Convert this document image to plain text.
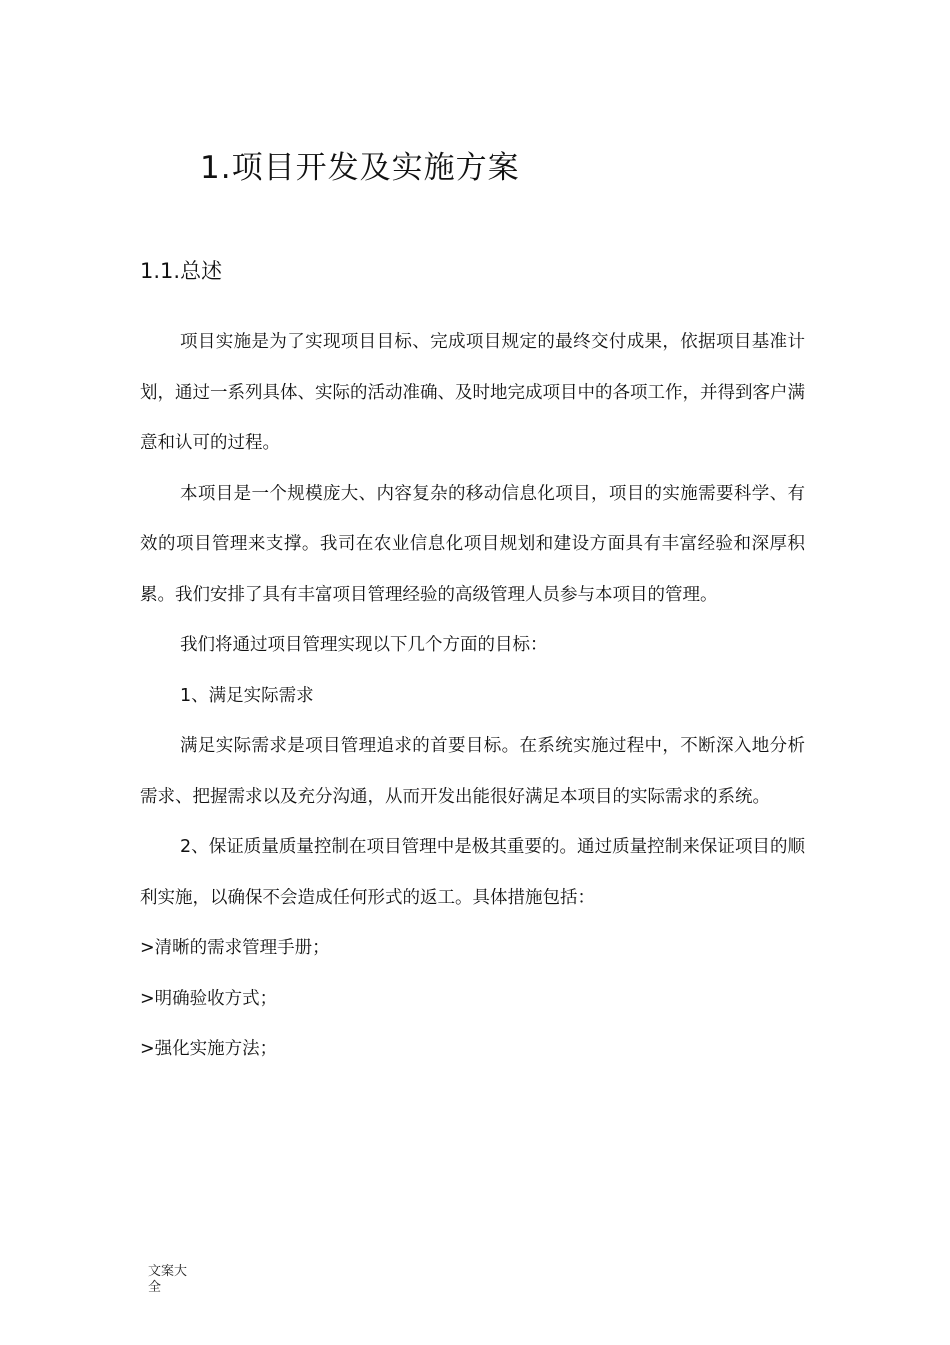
1.项目开发及实施方案
1.1.总述

项目实施是为了实现项目目标、完成项目规定的最终交付成果，依据项目基准计划，通过一系列具体、实际的活动准确、及时地完成项目中的各项工作，并得到客户满意和认可的过程。

本项目是一个规模庞大、内容复杂的移动信息化项目，项目的实施需要科学、有效的项目管理来支撑。我司在农业信息化项目规划和建设方面具有丰富经验和深厚积累。我们安排了具有丰富项目管理经验的高级管理人员参与本项目的管理。

我们将通过项目管理实现以下几个方面的目标：

1、满足实际需求

满足实际需求是项目管理追求的首要目标。在系统实施过程中，不断深入地分析需求、把握需求以及充分沟通，从而开发出能很好满足本项目的实际需求的系统。

2、保证质量质量控制在项目管理中是极其重要的。通过质量控制来保证项目的顺利实施，以确保不会造成任何形式的返工。具体措施包括：

>清晰的需求管理手册；

>明确验收方式；

>强化实施方法；

文案大全
